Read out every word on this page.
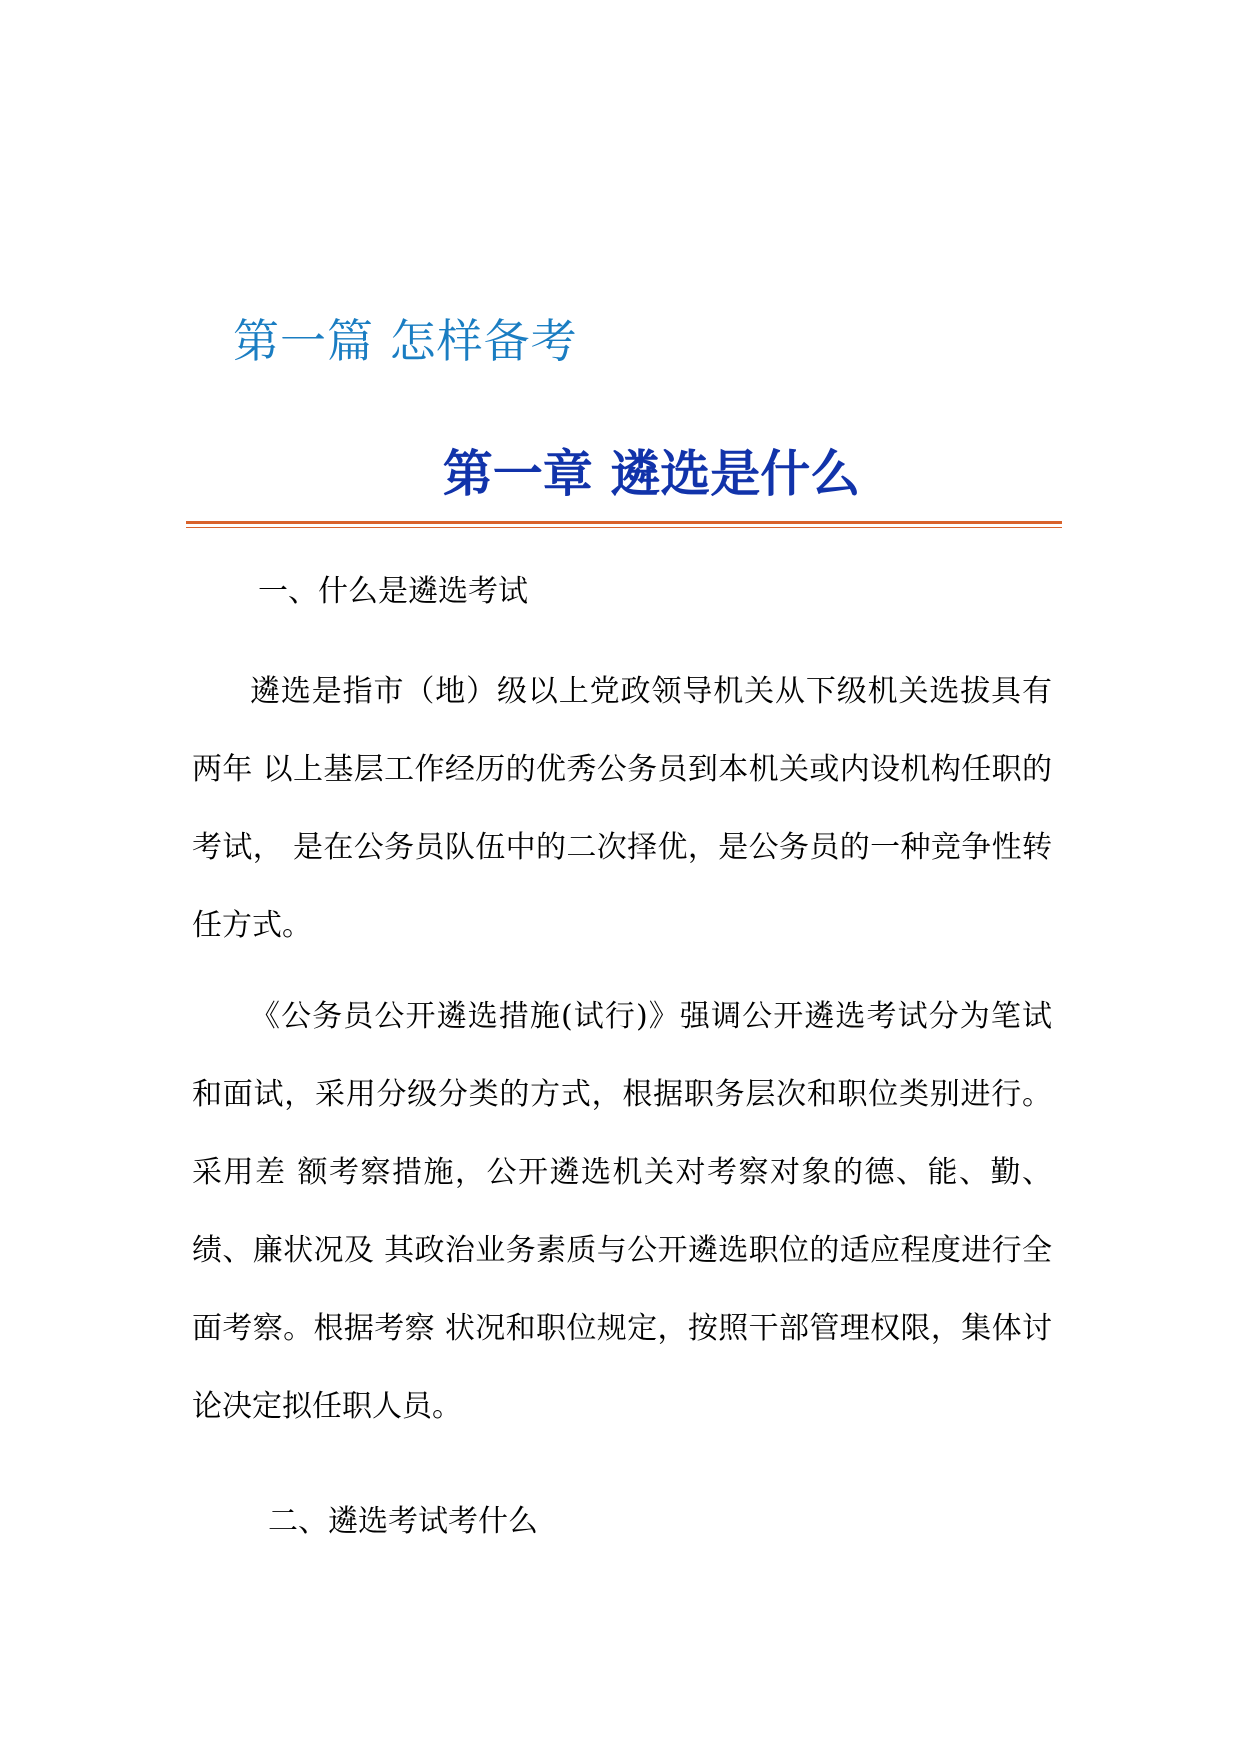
第一篇 怎样备考
第一章 遴选是什么
一、什么是遴选考试
遴选是指市（地）级以上党政领导机关从下级机关选拔具有两年 以上基层工作经历的优秀公务员到本机关或内设机构任职的考试， 是在公务员队伍中的二次择优，是公务员的一种竞争性转任方式。
《公务员公开遴选措施(试行)》强调公开遴选考试分为笔试和面试，采用分级分类的方式，根据职务层次和职位类别进行。采用差 额考察措施，公开遴选机关对考察对象的德、能、勤、绩、廉状况及 其政治业务素质与公开遴选职位的适应程度进行全面考察。根据考察 状况和职位规定，按照干部管理权限，集体讨论决定拟任职人员。
二、遴选考试考什么
